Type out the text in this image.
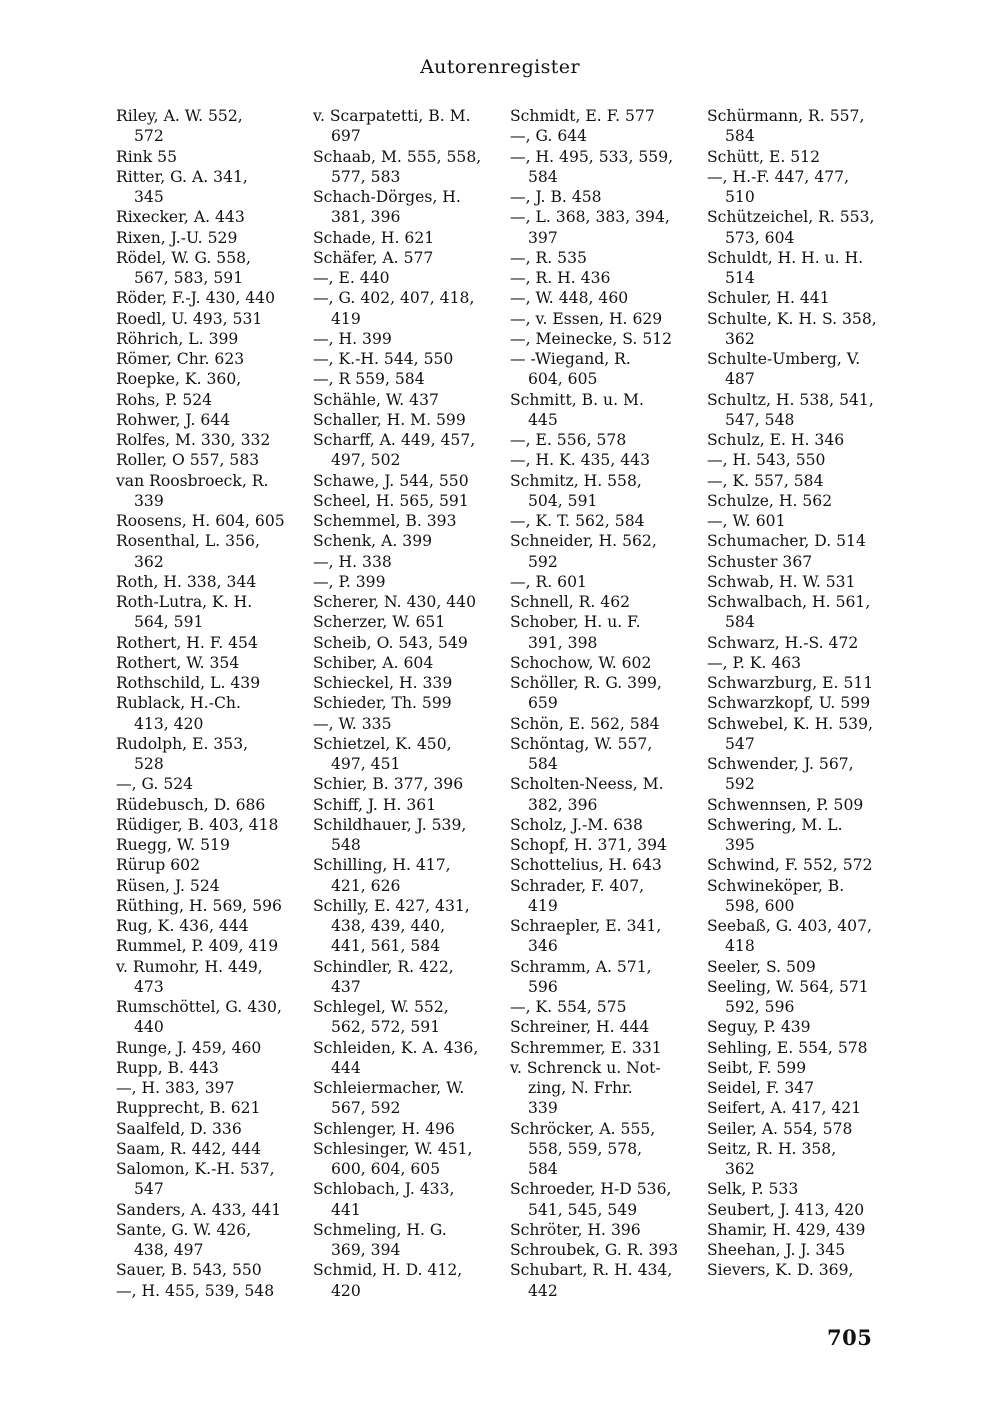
Autorenregister
Riley, A. W. 552,
572
Rink 55
Ritter, G. A. 341,
345
Rixecker, A. 443
Rixen, J.-U. 529
Rödel, W. G. 558,
567, 583, 591
Röder, F.-J. 430, 440
Roedl, U. 493, 531
Röhrich, L. 399
Römer, Chr. 623
Roepke, K. 360,
Rohs, P. 524
Rohwer, J. 644
Rolfes, M. 330, 332
Roller, O 557, 583
van Roosbroeck, R.
339
Roosens, H. 604, 605
Rosenthal, L. 356,
362
Roth, H. 338, 344
Roth-Lutra, K. H.
564, 591
Rothert, H. F. 454
Rothert, W. 354
Rothschild, L. 439
Rublack, H.-Ch.
413, 420
Rudolph, E. 353,
528
—, G. 524
Rüdebusch, D. 686
Rüdiger, B. 403, 418
Ruegg, W. 519
Rürup 602
Rüsen, J. 524
Rüthing, H. 569, 596
Rug, K. 436, 444
Rummel, P. 409, 419
v. Rumohr, H. 449,
473
Rumschöttel, G. 430,
440
Runge, J. 459, 460
Rupp, B. 443
—, H. 383, 397
Rupprecht, B. 621
Saalfeld, D. 336
Saam, R. 442, 444
Salomon, K.-H. 537,
547
Sanders, A. 433, 441
Sante, G. W. 426,
438, 497
Sauer, B. 543, 550
—, H. 455, 539, 548
v. Scarpatetti, B. M.
697
Schaab, M. 555, 558,
577, 583
Schach-Dörges, H.
381, 396
Schade, H. 621
Schäfer, A. 577
—, E. 440
—, G. 402, 407, 418,
419
—, H. 399
—, K.-H. 544, 550
—, R 559, 584
Schähle, W. 437
Schaller, H. M. 599
Scharff, A. 449, 457,
497, 502
Schawe, J. 544, 550
Scheel, H. 565, 591
Schemmel, B. 393
Schenk, A. 399
—, H. 338
—, P. 399
Scherer, N. 430, 440
Scherzer, W. 651
Scheib, O. 543, 549
Schiber, A. 604
Schieckel, H. 339
Schieder, Th. 599
—, W. 335
Schietzel, K. 450,
497, 451
Schier, B. 377, 396
Schiff, J. H. 361
Schildhauer, J. 539,
548
Schilling, H. 417,
421, 626
Schilly, E. 427, 431,
438, 439, 440,
441, 561, 584
Schindler, R. 422,
437
Schlegel, W. 552,
562, 572, 591
Schleiden, K. A. 436,
444
Schleiermacher, W.
567, 592
Schlenger, H. 496
Schlesinger, W. 451,
600, 604, 605
Schlobach, J. 433,
441
Schmeling, H. G.
369, 394
Schmid, H. D. 412,
420
Schmidt, E. F. 577
—, G. 644
—, H. 495, 533, 559,
584
—, J. B. 458
—, L. 368, 383, 394,
397
—, R. 535
—, R. H. 436
—, W. 448, 460
—, v. Essen, H. 629
—, Meinecke, S. 512
— -Wiegand, R.
604, 605
Schmitt, B. u. M.
445
—, E. 556, 578
—, H. K. 435, 443
Schmitz, H. 558,
504, 591
—, K. T. 562, 584
Schneider, H. 562,
592
—, R. 601
Schnell, R. 462
Schober, H. u. F.
391, 398
Schochow, W. 602
Schöller, R. G. 399,
659
Schön, E. 562, 584
Schöntag, W. 557,
584
Scholten-Neess, M.
382, 396
Scholz, J.-M. 638
Schopf, H. 371, 394
Schottelius, H. 643
Schrader, F. 407,
419
Schraepler, E. 341,
346
Schramm, A. 571,
596
—, K. 554, 575
Schreiner, H. 444
Schremmer, E. 331
v. Schrenck u. Not-
zing, N. Frhr.
339
Schröcker, A. 555,
558, 559, 578,
584
Schroeder, H-D 536,
541, 545, 549
Schröter, H. 396
Schroubek, G. R. 393
Schubart, R. H. 434,
442
Schürmann, R. 557,
584
Schütt, E. 512
—, H.-F. 447, 477,
510
Schützeichel, R. 553,
573, 604
Schuldt, H. H. u. H.
514
Schuler, H. 441
Schulte, K. H. S. 358,
362
Schulte-Umberg, V.
487
Schultz, H. 538, 541,
547, 548
Schulz, E. H. 346
—, H. 543, 550
—, K. 557, 584
Schulze, H. 562
—, W. 601
Schumacher, D. 514
Schuster 367
Schwab, H. W. 531
Schwalbach, H. 561,
584
Schwarz, H.-S. 472
—, P. K. 463
Schwarzburg, E. 511
Schwarzkopf, U. 599
Schwebel, K. H. 539,
547
Schwender, J. 567,
592
Schwennsen, P. 509
Schwering, M. L.
395
Schwind, F. 552, 572
Schwineköper, B.
598, 600
Seebaß, G. 403, 407,
418
Seeler, S. 509
Seeling, W. 564, 571
592, 596
Seguy, P. 439
Sehling, E. 554, 578
Seibt, F. 599
Seidel, F. 347
Seifert, A. 417, 421
Seiler, A. 554, 578
Seitz, R. H. 358,
362
Selk, P. 533
Seubert, J. 413, 420
Shamir, H. 429, 439
Sheehan, J. J. 345
Sievers, K. D. 369,
705
